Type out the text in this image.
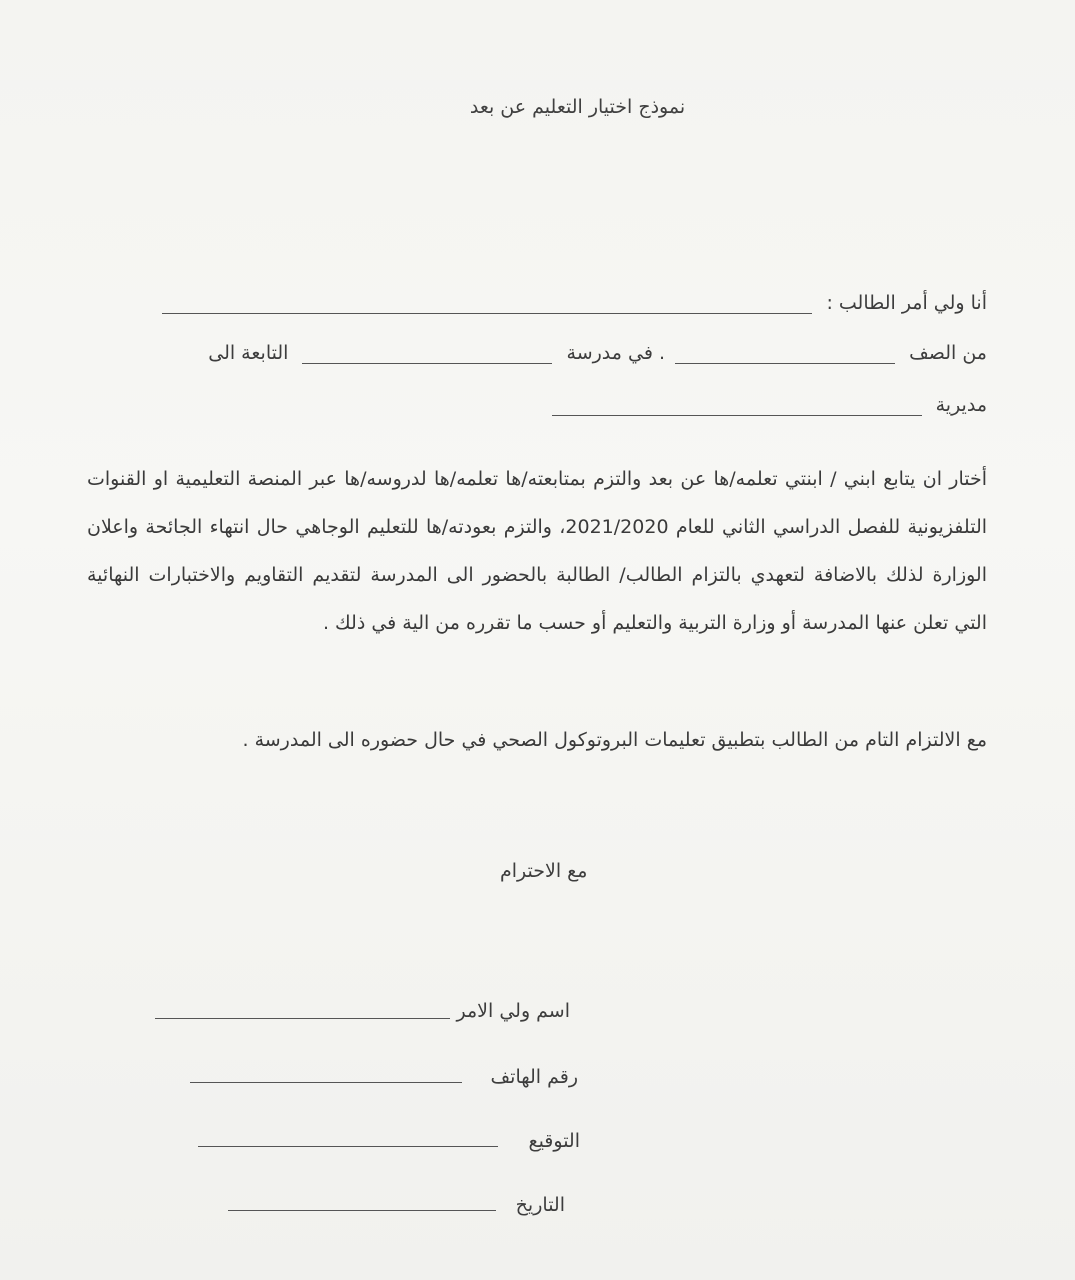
نموذج اختيار التعليم عن بعد
أنا ولي أمر الطالب :
من الصف  . في مدرسة  التابعة الى
مديرية
أختار ان يتابع ابني / ابنتي تعلمه/ها عن بعد والتزم بمتابعته/ها تعلمه/ها لدروسه/ها عبر المنصة التعليمية او القنوات التلفزيونية للفصل الدراسي الثاني للعام 2021/2020، والتزم بعودته/ها للتعليم الوجاهي حال انتهاء الجائحة واعلان الوزارة لذلك بالاضافة لتعهدي بالتزام الطالب/ الطالبة بالحضور الى المدرسة لتقديم التقاويم والاختبارات النهائية التي تعلن عنها المدرسة أو وزارة التربية والتعليم أو حسب ما تقرره من الية في ذلك .
مع الالتزام التام من الطالب بتطبيق تعليمات البروتوكول الصحي في حال حضوره الى المدرسة .
مع الاحترام
اسم ولي الامر
رقم الهاتف
التوقيع
التاريخ
